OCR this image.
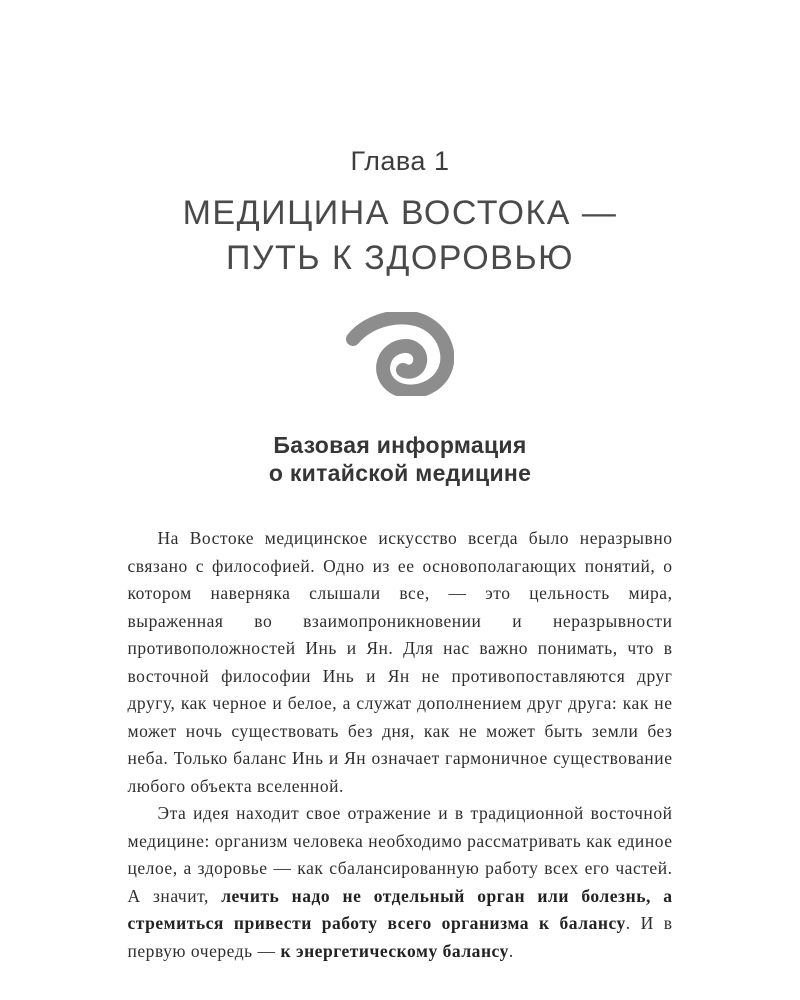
Глава 1

МЕДИЦИНА ВОСТОКА —
ПУТЬ К ЗДОРОВЬЮ
Базовая информация
о китайской медицине

На Востоке медицинское искусство всегда было неразрывно связано с философией. Одно из ее основополагающих понятий, о котором наверняка слышали все, — это цельность мира, выраженная во взаимопроникновении и неразрывности противоположностей Инь и Ян. Для нас важно понимать, что в восточной философии Инь и Ян не противопоставляются друг другу, как черное и белое, а служат дополнением друг друга: как не может ночь существовать без дня, как не может быть земли без неба. Только баланс Инь и Ян означает гармоничное существование любого объекта вселенной.

Эта идея находит свое отражение и в традиционной восточной медицине: организм человека необходимо рассматривать как единое целое, а здоровье — как сбалансированную работу всех его частей. А значит, лечить надо не отдельный орган или болезнь, а стремиться привести работу всего организма к балансу. И в первую очередь — к энергетическому балансу.
